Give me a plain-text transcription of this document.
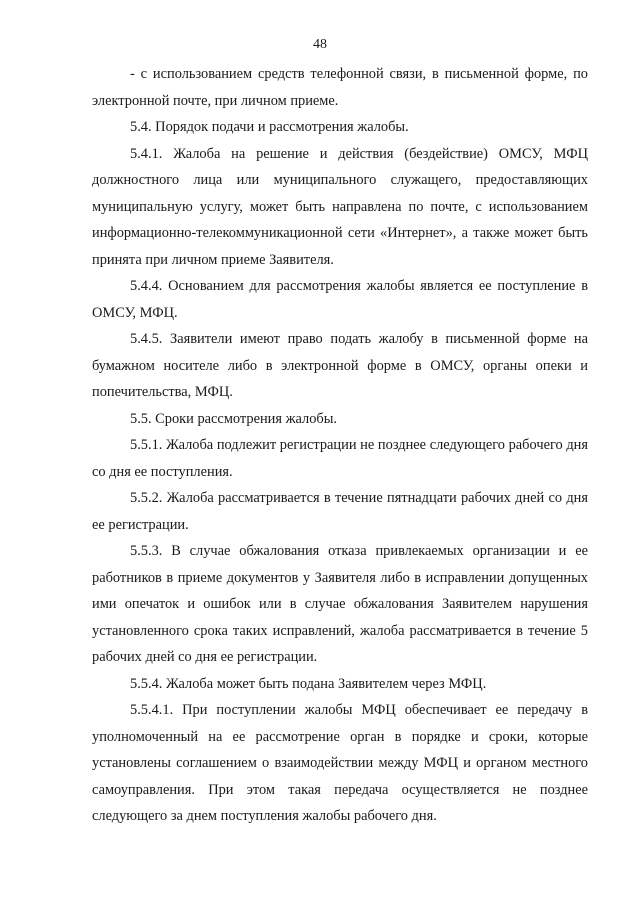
48

- с использованием средств телефонной связи, в письменной форме, по электронной почте, при личном приеме.

5.4. Порядок подачи и рассмотрения жалобы.

5.4.1. Жалоба на решение и действия (бездействие) ОМСУ, МФЦ должностного лица или муниципального служащего, предоставляющих муниципальную услугу, может быть направлена по почте, с использованием информационно-телекоммуникационной сети «Интернет», а также может быть принята при личном приеме Заявителя.

5.4.4. Основанием для рассмотрения жалобы является ее поступление в ОМСУ, МФЦ.

5.4.5. Заявители имеют право подать жалобу в письменной форме на бумажном носителе либо в электронной форме в ОМСУ, органы опеки и попечительства, МФЦ.

5.5. Сроки рассмотрения жалобы.

5.5.1. Жалоба подлежит регистрации не позднее следующего рабочего дня со дня ее поступления.

5.5.2. Жалоба рассматривается в течение пятнадцати рабочих дней со дня ее регистрации.

5.5.3. В случае обжалования отказа привлекаемых организации и ее работников в приеме документов у Заявителя либо в исправлении допущенных ими опечаток и ошибок или в случае обжалования Заявителем нарушения установленного срока таких исправлений, жалоба рассматривается в течение 5 рабочих дней со дня ее регистрации.

5.5.4. Жалоба может быть подана Заявителем через МФЦ.

5.5.4.1. При поступлении жалобы МФЦ обеспечивает ее передачу в уполномоченный на ее рассмотрение орган в порядке и сроки, которые установлены соглашением о взаимодействии между МФЦ и органом местного самоуправления. При этом такая передача осуществляется не позднее следующего за днем поступления жалобы рабочего дня.
